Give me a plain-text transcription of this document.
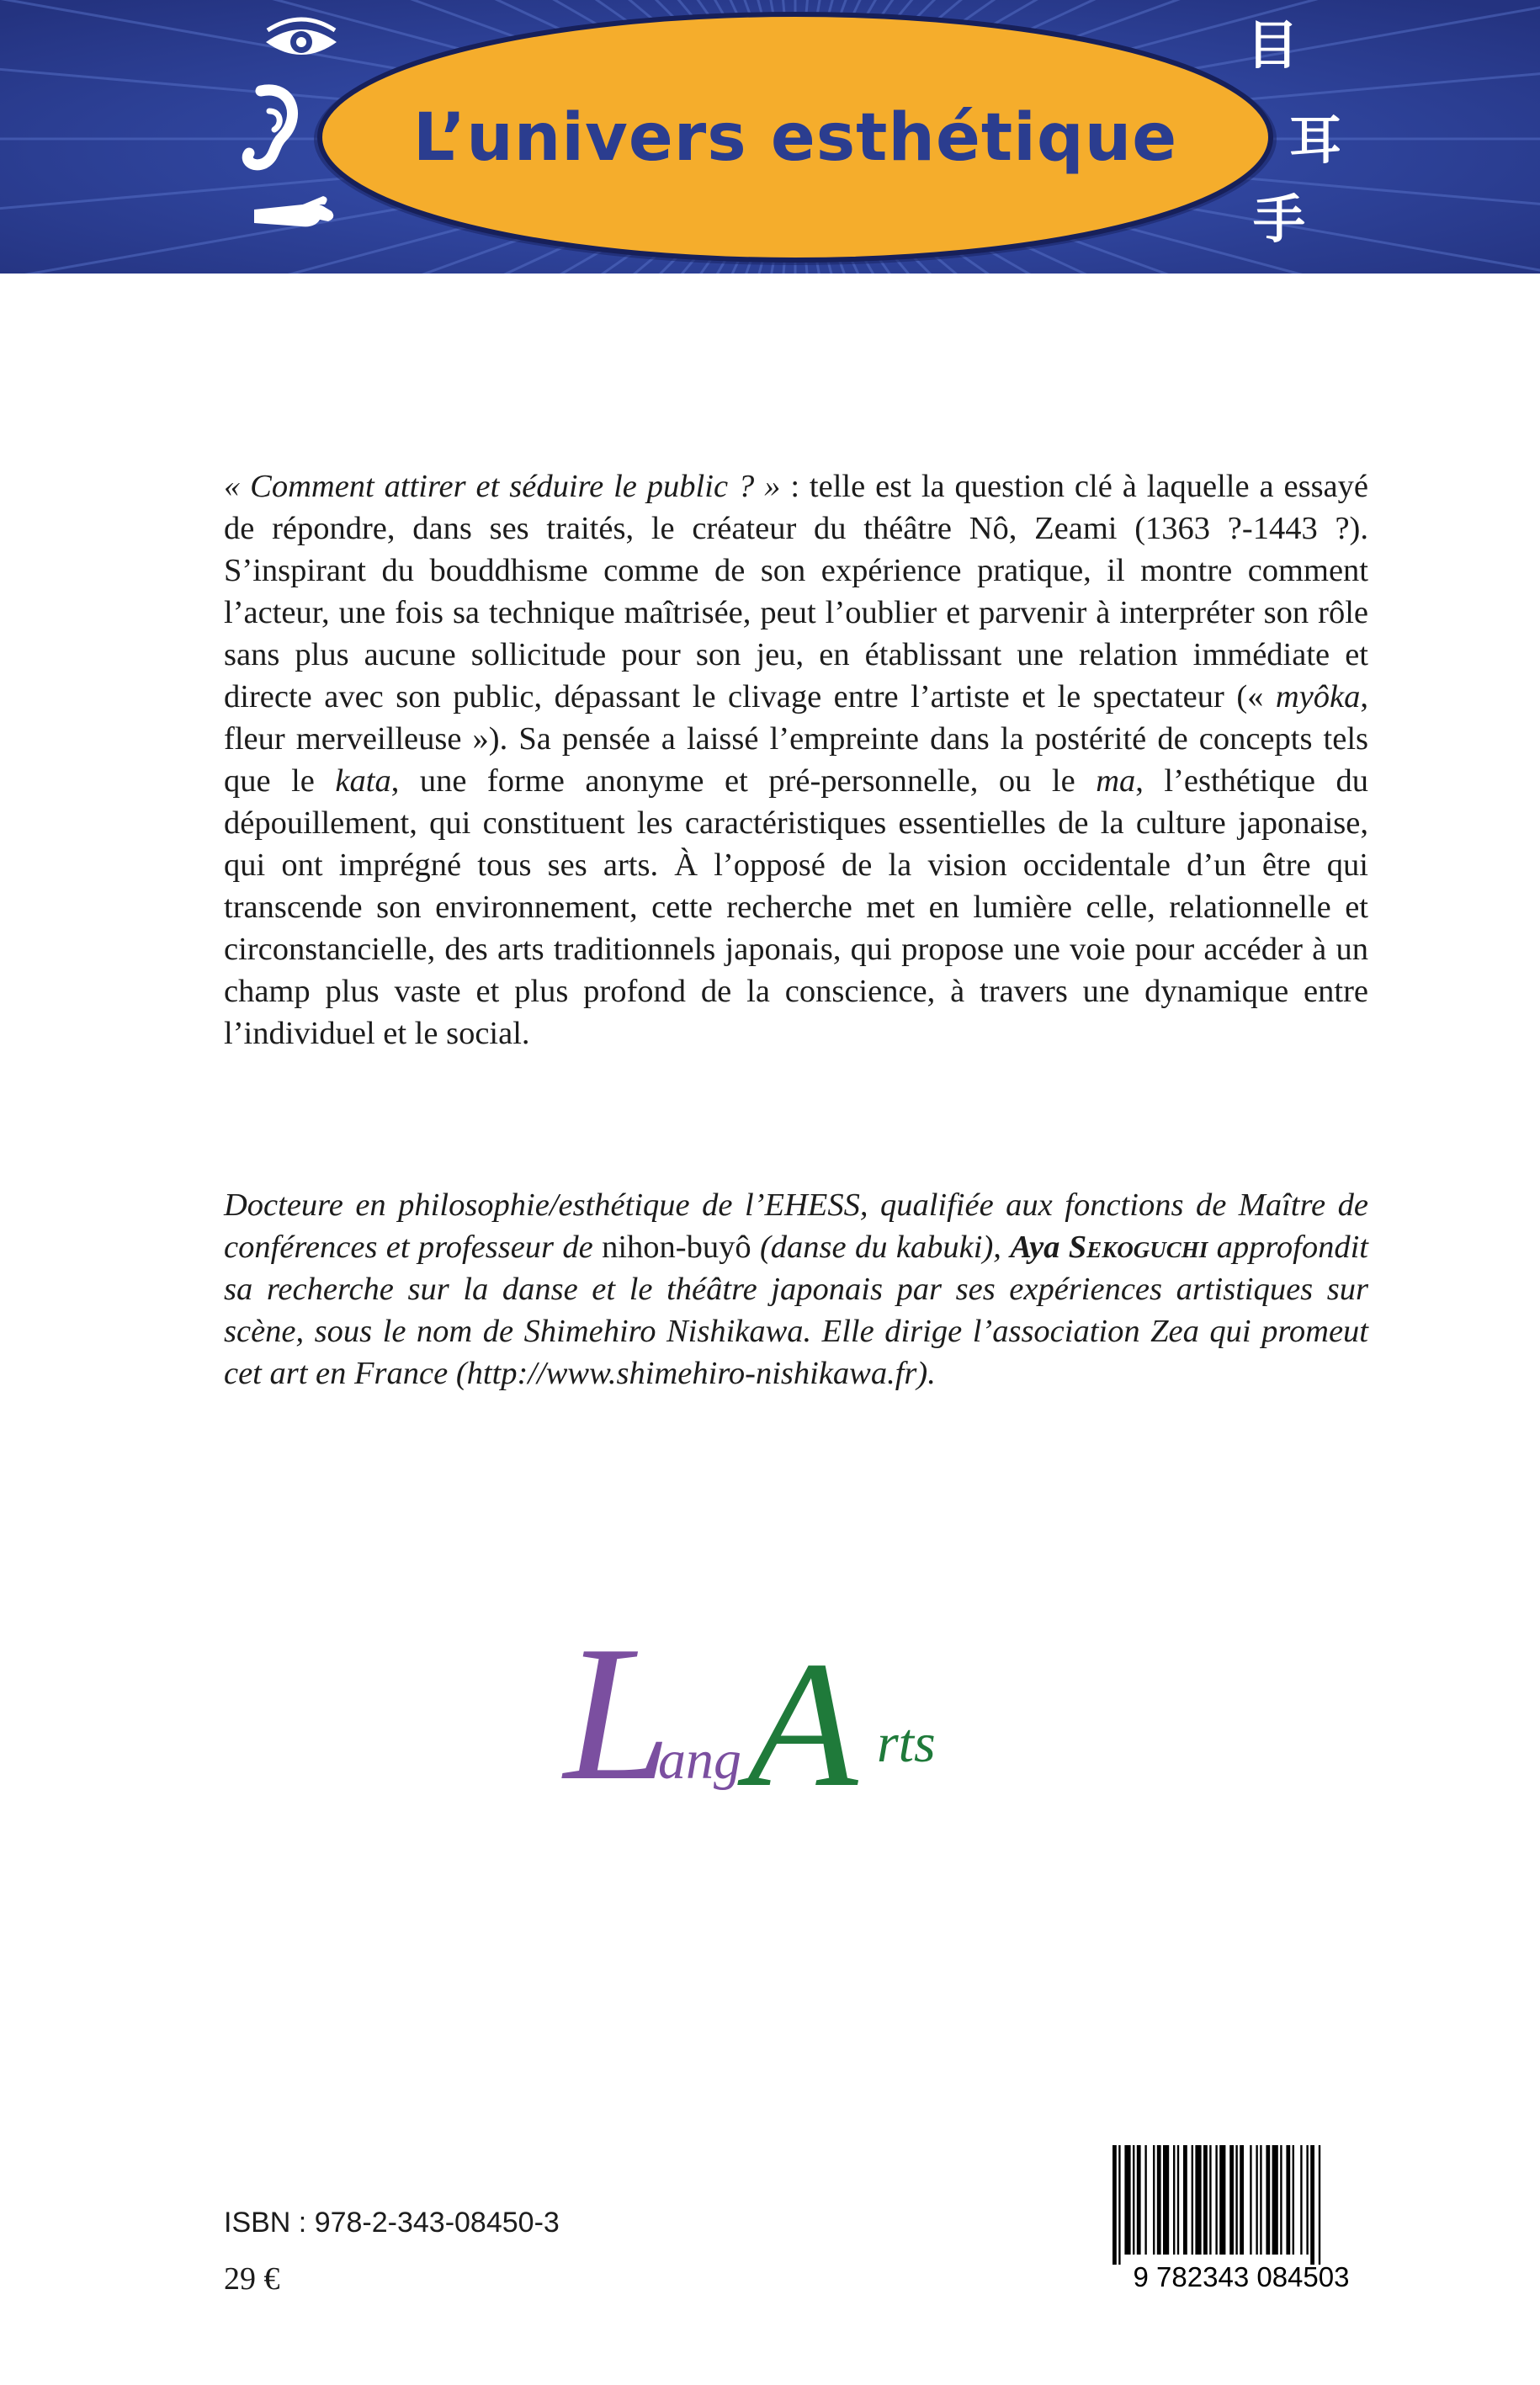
L’univers esthétique
目
耳
手

« Comment attirer et séduire le public ? » : telle est la question clé à laquelle a essayé de répondre, dans ses traités, le créateur du théâtre Nô, Zeami (1363 ?-1443 ?). S’inspirant du bouddhisme comme de son expérience pratique, il montre comment l’acteur, une fois sa technique maîtrisée, peut l’oublier et parvenir à interpréter son rôle sans plus aucune sollicitude pour son jeu, en établissant une relation immédiate et directe avec son public, dépassant le clivage entre l’artiste et le spectateur (« myôka, fleur merveilleuse »). Sa pensée a laissé l’empreinte dans la postérité de concepts tels que le kata, une forme anonyme et pré-personnelle, ou le ma, l’esthétique du dépouillement, qui constituent les caractéristiques essentielles de la culture japonaise, qui ont imprégné tous ses arts. À l’opposé de la vision occidentale d’un être qui transcende son environnement, cette recherche met en lumière celle, relationnelle et circonstancielle, des arts traditionnels japonais, qui propose une voie pour accéder à un champ plus vaste et plus profond de la conscience, à travers une dynamique entre l’individuel et le social.

Docteure en philosophie/esthétique de l’EHESS, qualifiée aux fonctions de Maître de conférences et professeur de nihon-buyô (danse du kabuki), Aya Sekoguchi approfondit sa recherche sur la danse et le théâtre japonais par ses expériences artistiques sur scène, sous le nom de Shimehiro Nishikawa. Elle dirige l’association Zea qui promeut cet art en France (http://www.shimehiro-nishikawa.fr).

L
ang A rts

ISBN : 978-2-343-08450-3

29 €	9 782343 084503
